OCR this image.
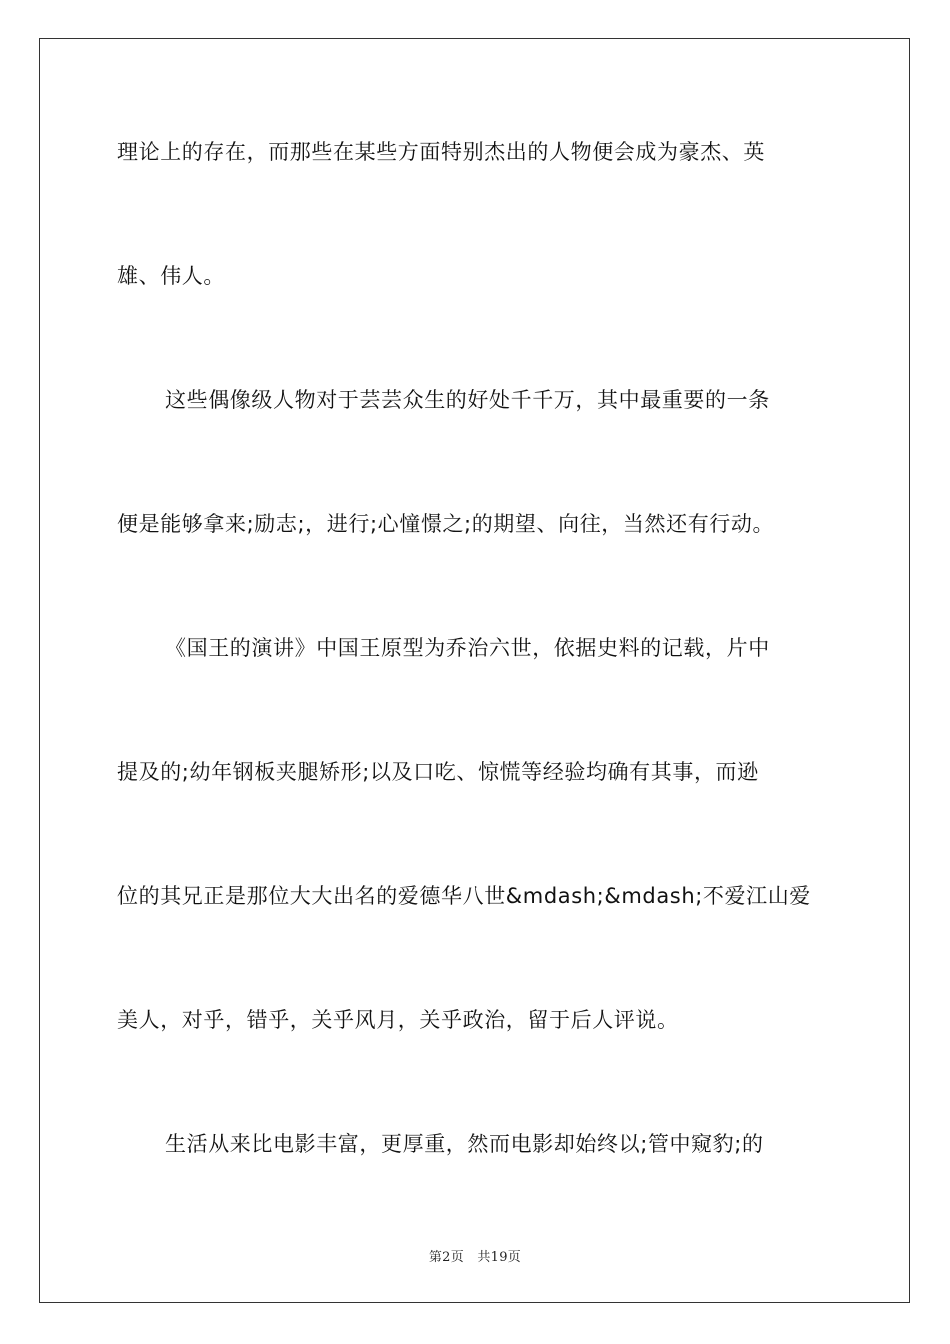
理论上的存在，而那些在某些方面特别杰出的人物便会成为豪杰、英
雄、伟人。
这些偶像级人物对于芸芸众生的好处千千万，其中最重要的一条
便是能够拿来;励志;，进行;心憧憬之;的期望、向往，当然还有行动。
《国王的演讲》中国王原型为乔治六世，依据史料的记载，片中
提及的;幼年钢板夹腿矫形;以及口吃、惊慌等经验均确有其事，而逊
位的其兄正是那位大大出名的爱德华八世&mdash;&mdash;不爱江山爱
美人，对乎，错乎，关乎风月，关乎政治，留于后人评说。
生活从来比电影丰富，更厚重，然而电影却始终以;管中窥豹;的
第2页 共19页
